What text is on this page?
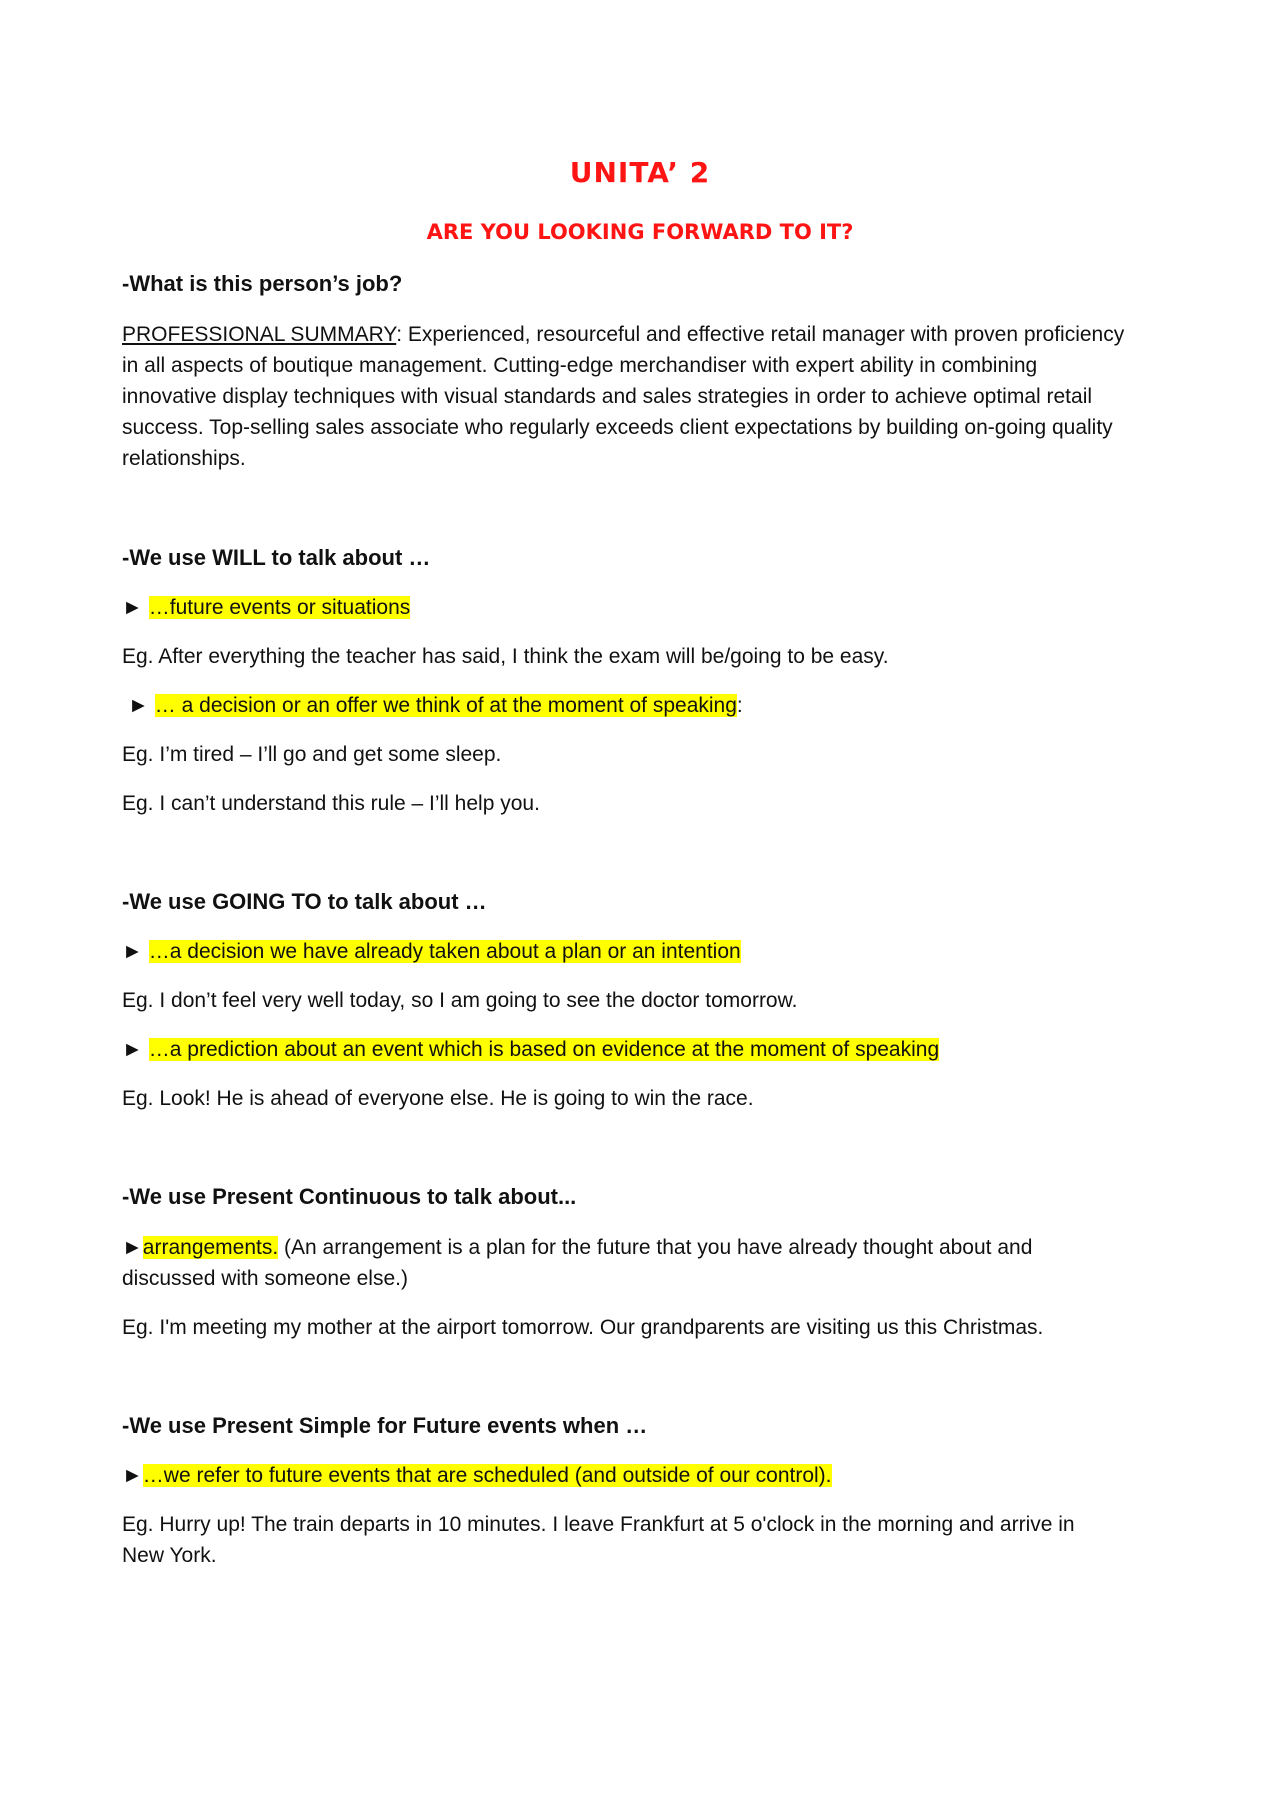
UNITA’ 2
ARE YOU LOOKING FORWARD TO IT?
-What is this person’s job?
PROFESSIONAL SUMMARY: Experienced, resourceful and effective retail manager with proven proficiency
in all aspects of boutique management. Cutting-edge merchandiser with expert ability in combining
innovative display techniques with visual standards and sales strategies in order to achieve optimal retail
success. Top-selling sales associate who regularly exceeds client expectations by building on-going quality
relationships.
-We use WILL to talk about …
► …future events or situations
Eg. After everything the teacher has said, I think the exam will be/going to be easy.
► … a decision or an offer we think of at the moment of speaking:
Eg. I’m tired – I’ll go and get some sleep.
Eg. I can’t understand this rule – I’ll help you.
-We use GOING TO to talk about …
► …a decision we have already taken about a plan or an intention
Eg. I don’t feel very well today, so I am going to see the doctor tomorrow.
► …a prediction about an event which is based on evidence at the moment of speaking
Eg. Look! He is ahead of everyone else. He is going to win the race.
-We use Present Continuous to talk about...
►arrangements. (An arrangement is a plan for the future that you have already thought about and
discussed with someone else.)
Eg. I'm meeting my mother at the airport tomorrow. Our grandparents are visiting us this Christmas.
-We use Present Simple for Future events when …
►…we refer to future events that are scheduled (and outside of our control).
Eg. Hurry up! The train departs in 10 minutes. I leave Frankfurt at 5 o'clock in the morning and arrive in
New York.
